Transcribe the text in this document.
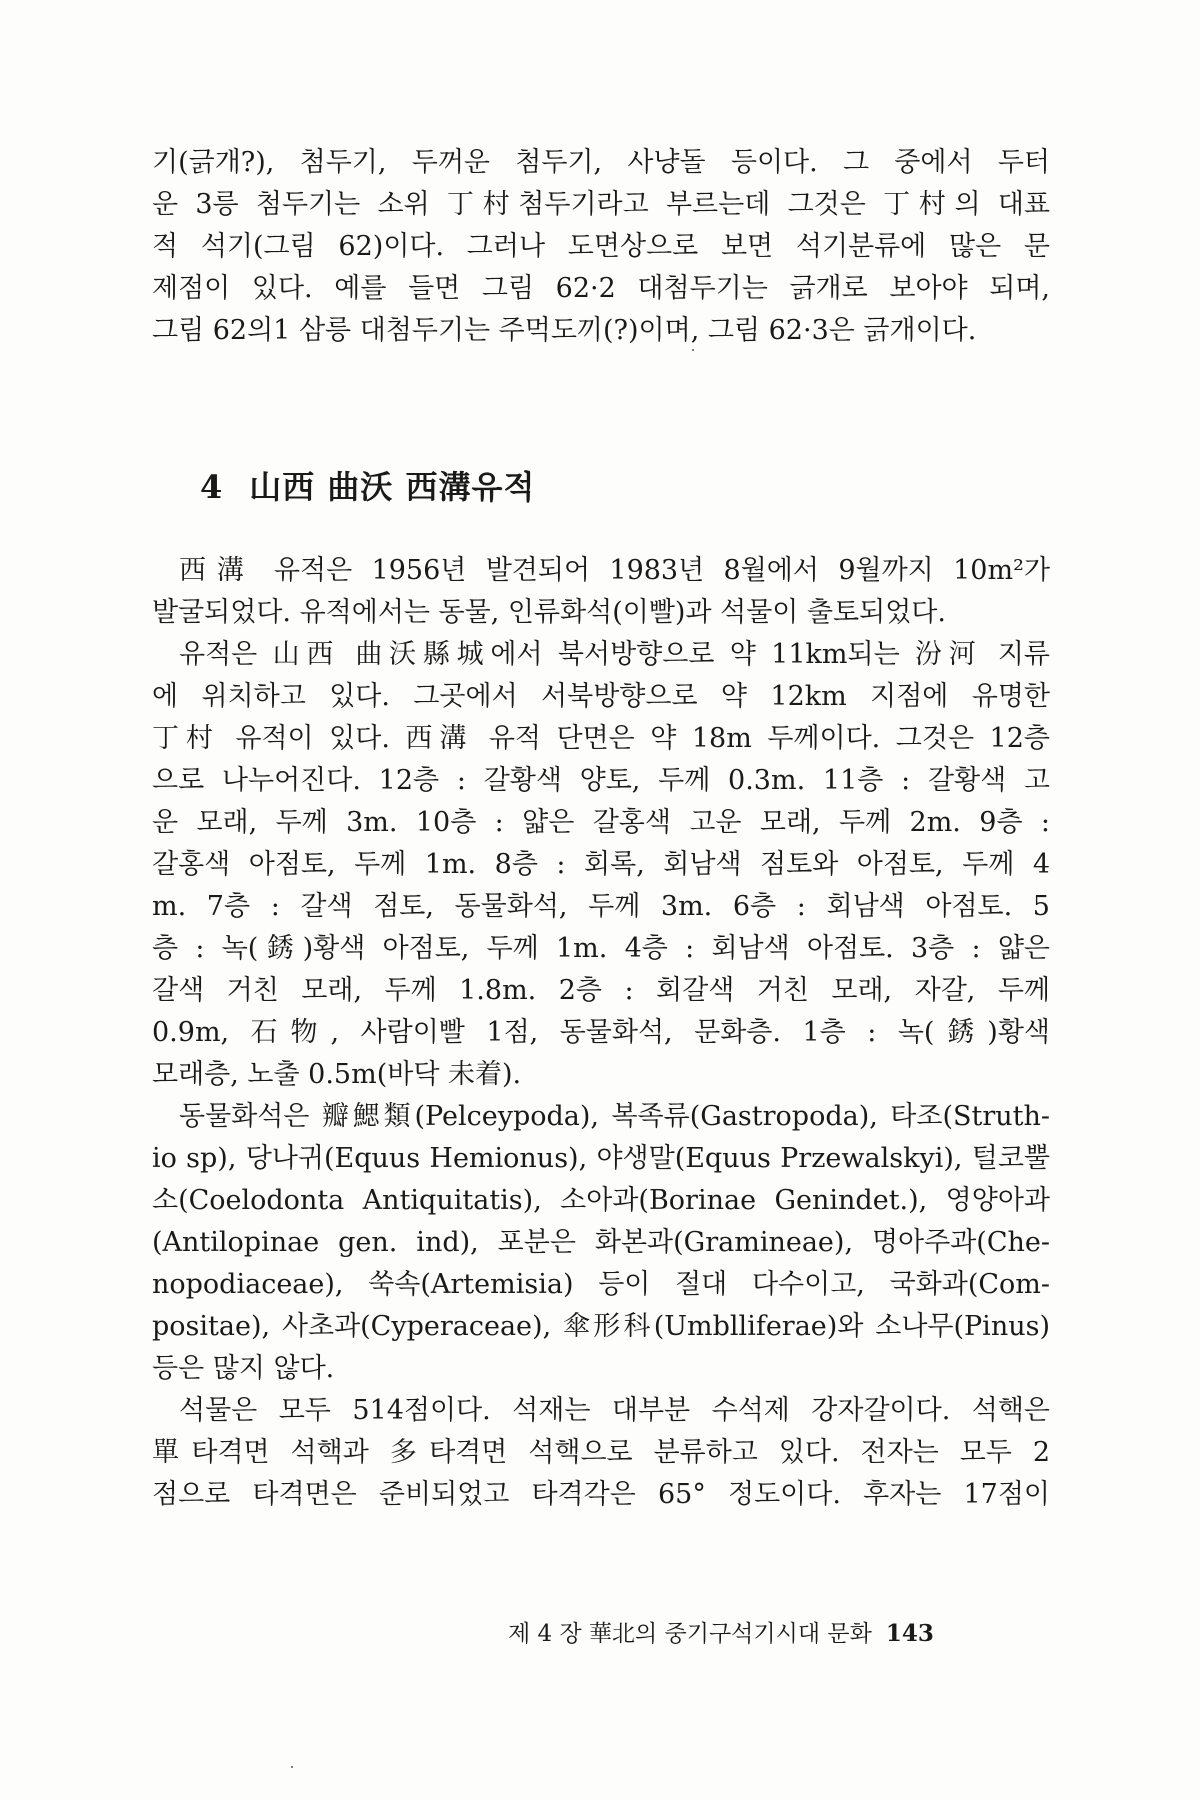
기(긁개?), 첨두기, 두꺼운 첨두기, 사냥돌 등이다. 그 중에서 두터
운 3릉 첨두기는 소위 丁村첨두기라고 부르는데 그것은 丁村의 대표
적 석기(그림 62)이다. 그러나 도면상으로 보면 석기분류에 많은 문
제점이 있다. 예를 들면 그림 62·2 대첨두기는 긁개로 보아야 되며,
그림 62의1 삼릉 대첨두기는 주먹도끼(?)이며, 그림 62·3은 긁개이다.
4 山西 曲沃 西溝유적
西溝 유적은 1956년 발견되어 1983년 8월에서 9월까지 10m²가
발굴되었다. 유적에서는 동물, 인류화석(이빨)과 석물이 출토되었다.
유적은 山西 曲沃縣城에서 북서방향으로 약 11km되는 汾河 지류
에 위치하고 있다. 그곳에서 서북방향으로 약 12km 지점에 유명한
丁村 유적이 있다. 西溝 유적 단면은 약 18m 두께이다. 그것은 12층
으로 나누어진다. 12층 : 갈황색 양토, 두께 0.3m. 11층 : 갈황색 고
운 모래, 두께 3m. 10층 : 얇은 갈홍색 고운 모래, 두께 2m. 9층 :
갈홍색 아점토, 두께 1m. 8층 : 회록, 회남색 점토와 아점토, 두께 4
m. 7층 : 갈색 점토, 동물화석, 두께 3m. 6층 : 회남색 아점토. 5
층 : 녹(銹)황색 아점토, 두께 1m. 4층 : 회남색 아점토. 3층 : 얇은
갈색 거친 모래, 두께 1.8m. 2층 : 회갈색 거친 모래, 자갈, 두께
0.9m, 石物, 사람이빨 1점, 동물화석, 문화층. 1층 : 녹(銹)황색
모래층, 노출 0.5m(바닥 未着).
동물화석은 瓣鰓類(Pelceypoda), 복족류(Gastropoda), 타조(Struth-
io sp), 당나귀(Equus Hemionus), 야생말(Equus Przewalskyi), 털코뿔
소(Coelodonta Antiquitatis), 소아과(Borinae Genindet.), 영양아과
(Antilopinae gen. ind), 포분은 화본과(Gramineae), 명아주과(Che-
nopodiaceae), 쑥속(Artemisia) 등이 절대 다수이고, 국화과(Com-
positae), 사초과(Cyperaceae), 傘形科(Umblliferae)와 소나무(Pinus)
등은 많지 않다.
석물은 모두 514점이다. 석재는 대부분 수석제 강자갈이다. 석핵은
單타격면 석핵과 多타격면 석핵으로 분류하고 있다. 전자는 모두 2
점으로 타격면은 준비되었고 타격각은 65° 정도이다. 후자는 17점이
제 4 장 華北의 중기구석기시대 문화 143
